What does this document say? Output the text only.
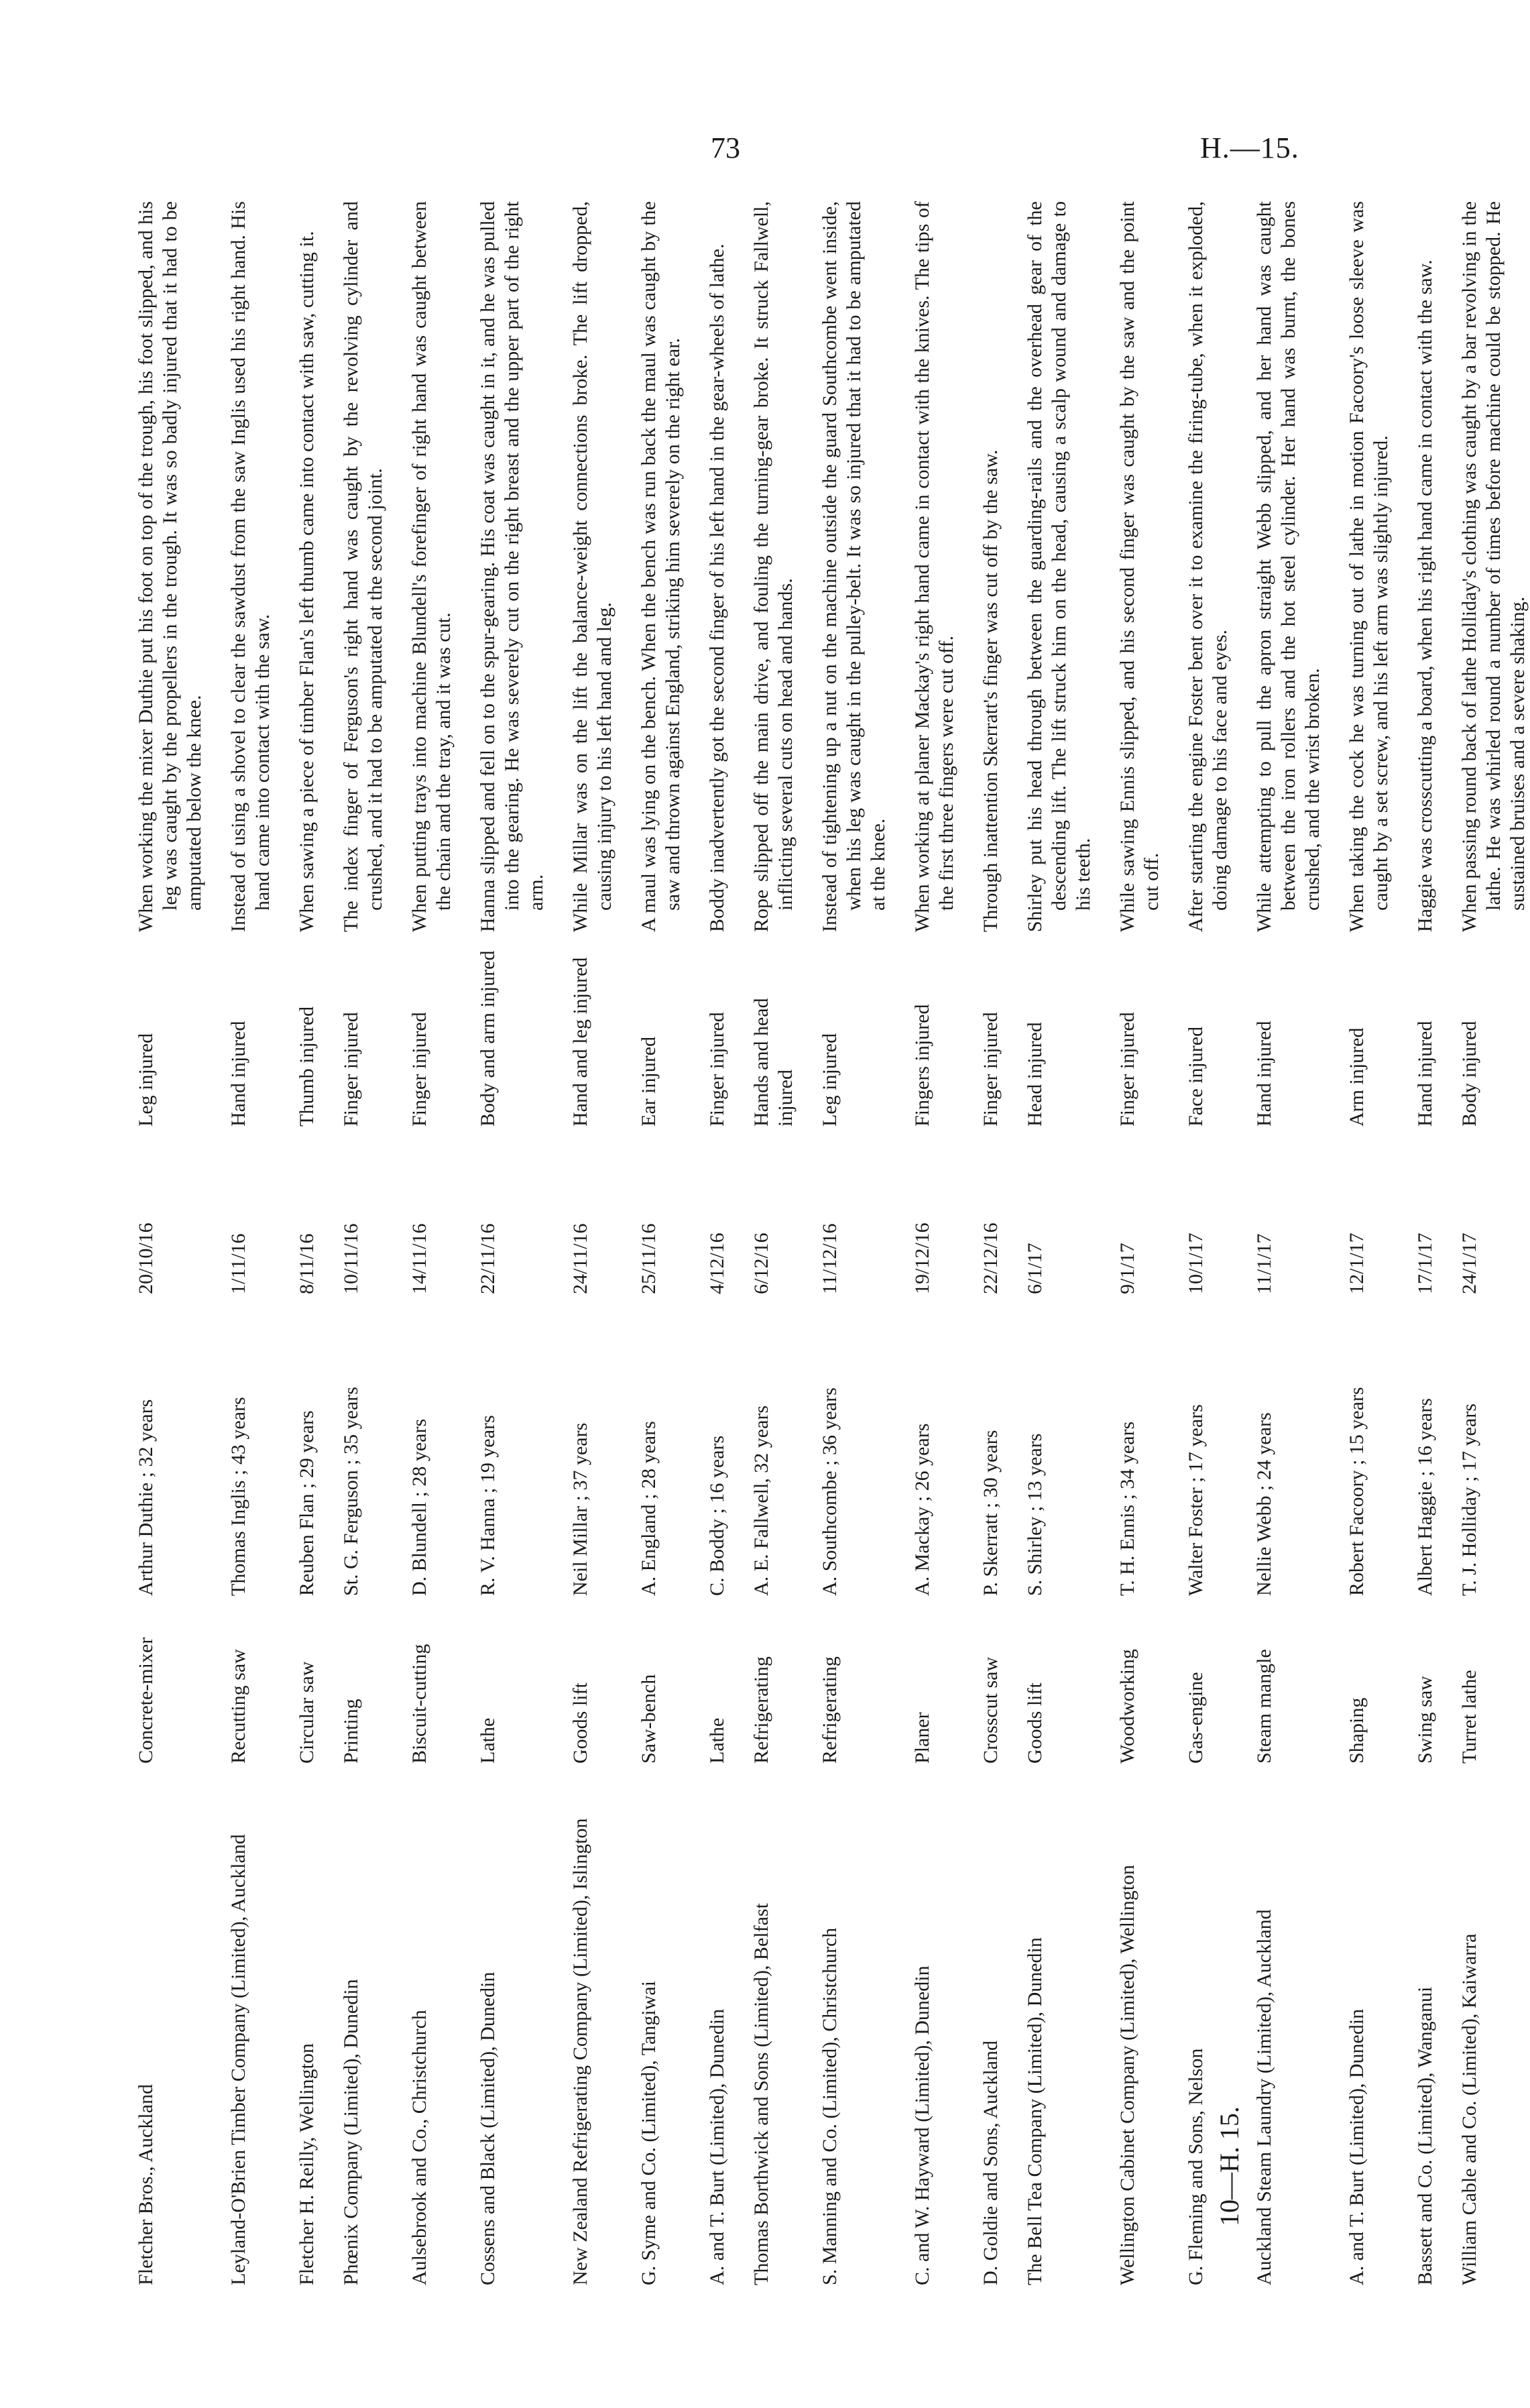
73	H.—15.
Fletcher Bros., Auckland
Concrete-mixer
Arthur Duthie ; 32 years
20/10/16
Leg injured
When working the mixer Duthie put his foot on top of the trough, his foot slipped, and his leg was caught by the propellers in the trough. It was so badly injured that it had to be amputated below the knee.
Leyland-O'Brien Timber Company (Limited), Auckland
Recutting saw
Thomas Inglis ; 43 years
1/11/16
Hand injured
Instead of using a shovel to clear the sawdust from the saw Inglis used his right hand. His hand came into contact with the saw.
Fletcher H. Reilly, Wellington
Circular saw
Reuben Flan ; 29 years
8/11/16
Thumb injured
When sawing a piece of timber Flan's left thumb came into contact with saw, cutting it.
Phœnix Company (Limited), Dunedin
Printing
St. G. Ferguson ; 35 years
10/11/16
Finger injured
The index finger of Ferguson's right hand was caught by the revolving cylinder and crushed, and it had to be amputated at the second joint.
Aulsebrook and Co., Christchurch
Biscuit-cutting
D. Blundell ; 28 years
14/11/16
Finger injured
When putting trays into machine Blundell's forefinger of right hand was caught between the chain and the tray, and it was cut.
Cossens and Black (Limited), Dunedin
Lathe
R. V. Hanna ; 19 years
22/11/16
Body and arm injured
Hanna slipped and fell on to the spur-gearing. His coat was caught in it, and he was pulled into the gearing. He was severely cut on the right breast and the upper part of the right arm.
New Zealand Refrigerating Company (Limited), Islington
Goods lift
Neil Millar ; 37 years
24/11/16
Hand and leg injured
While Millar was on the lift the balance-weight connections broke. The lift dropped, causing injury to his left hand and leg.
G. Syme and Co. (Limited), Tangiwai
Saw-bench
A. England ; 28 years
25/11/16
Ear injured
A maul was lying on the bench. When the bench was run back the maul was caught by the saw and thrown against England, striking him severely on the right ear.
A. and T. Burt (Limited), Dunedin
Lathe
C. Boddy ; 16 years
4/12/16
Finger injured
Boddy inadvertently got the second finger of his left hand in the gear-wheels of lathe.
Thomas Borthwick and Sons (Limited), Belfast
Refrigerating
A. E. Fallwell, 32 years
6/12/16
Hands and head injured
Rope slipped off the main drive, and fouling the turning-gear broke. It struck Fallwell, inflicting several cuts on head and hands.
S. Manning and Co. (Limited), Christchurch
Refrigerating
A. Southcombe ; 36 years
11/12/16
Leg injured
Instead of tightening up a nut on the machine outside the guard Southcombe went inside, when his leg was caught in the pulley-belt. It was so injured that it had to be amputated at the knee.
C. and W. Hayward (Limited), Dunedin
Planer
A. Mackay ; 26 years
19/12/16
Fingers injured
When working at planer Mackay's right hand came in contact with the knives. The tips of the first three fingers were cut off.
D. Goldie and Sons, Auckland
Crosscut saw
P. Skerratt ; 30 years
22/12/16
Finger injured
Through inattention Skerratt's finger was cut off by the saw.
The Bell Tea Company (Limited), Dunedin
Goods lift
S. Shirley ; 13 years
6/1/17
Head injured
Shirley put his head through between the guarding-rails and the overhead gear of the descending lift. The lift struck him on the head, causing a scalp wound and damage to his teeth.
Wellington Cabinet Company (Limited), Wellington
Woodworking
T. H. Ennis ; 34 years
9/1/17
Finger injured
While sawing Ennis slipped, and his second finger was caught by the saw and the point cut off.
G. Fleming and Sons, Nelson
Gas-engine
Walter Foster ; 17 years
10/1/17
Face injured
After starting the engine Foster bent over it to examine the firing-tube, when it exploded, doing damage to his face and eyes.
Auckland Steam Laundry (Limited), Auckland
Steam mangle
Nellie Webb ; 24 years
11/1/17
Hand injured
While attempting to pull the apron straight Webb slipped, and her hand was caught between the iron rollers and the hot steel cylinder. Her hand was burnt, the bones crushed, and the wrist broken.
A. and T. Burt (Limited), Dunedin
Shaping
Robert Facoory ; 15 years
12/1/17
Arm injured
When taking the cock he was turning out of lathe in motion Facoory's loose sleeve was caught by a set screw, and his left arm was slightly injured.
Bassett and Co. (Limited), Wanganui
Swing saw
Albert Haggie ; 16 years
17/1/17
Hand injured
Haggie was crosscutting a board, when his right hand came in contact with the saw.
William Cable and Co. (Limited), Kaiwarra
Turret lathe
T. J. Holliday ; 17 years
24/1/17
Body injured
When passing round back of lathe Holliday's clothing was caught by a bar revolving in the lathe. He was whirled round a number of times before machine could be stopped. He sustained bruises and a severe shaking.
10—H. 15.
